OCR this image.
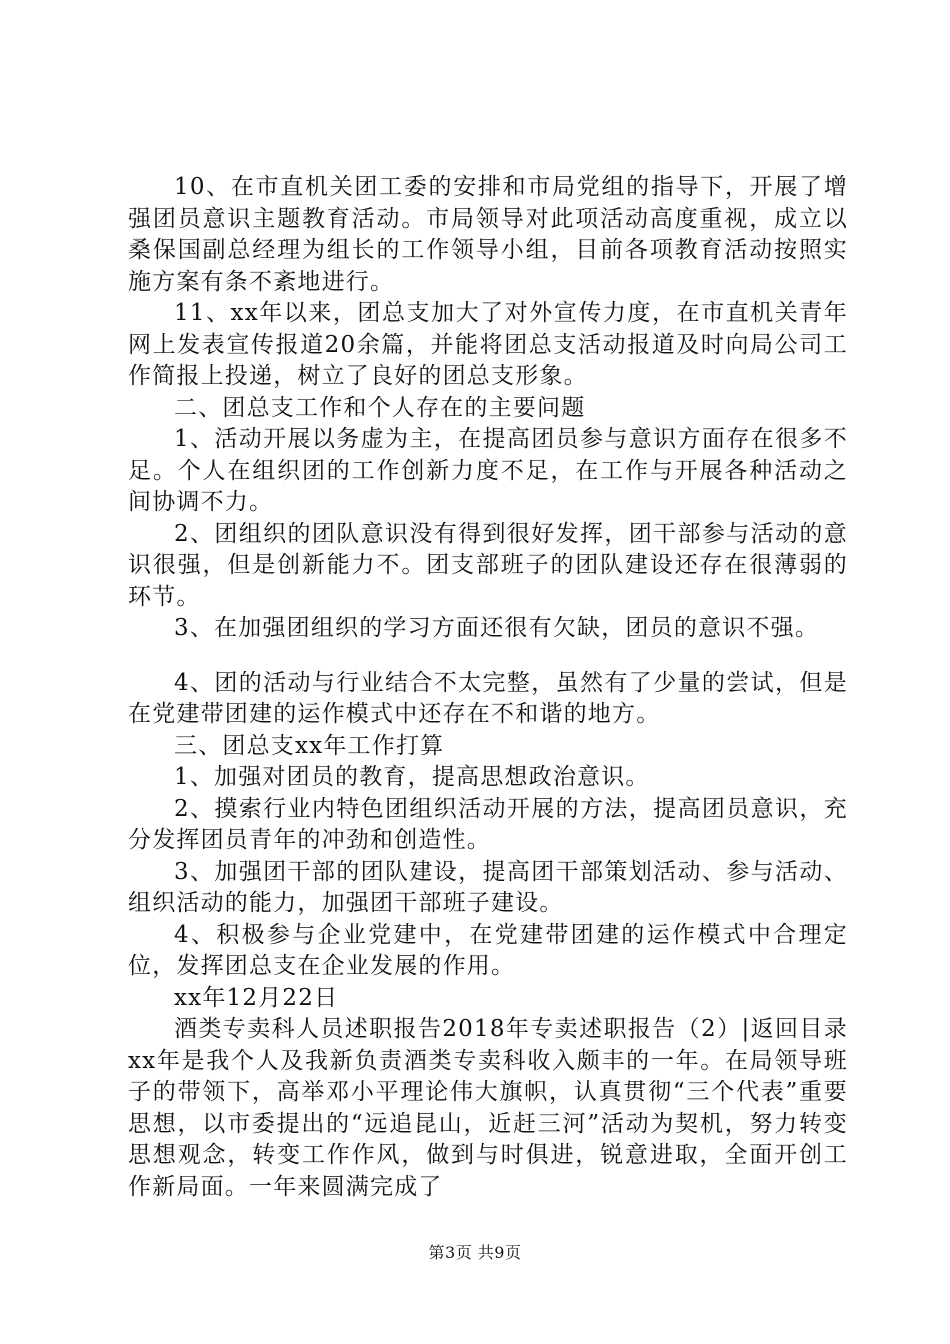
10、在市直机关团工委的安排和市局党组的指导下，开展了增强团员意识主题教育活动。市局领导对此项活动高度重视，成立以桑保国副总经理为组长的工作领导小组，目前各项教育活动按照实施方案有条不紊地进行。

11、xx年以来，团总支加大了对外宣传力度，在市直机关青年网上发表宣传报道20余篇，并能将团总支活动报道及时向局公司工作简报上投递，树立了良好的团总支形象。

二、团总支工作和个人存在的主要问题

1、活动开展以务虚为主，在提高团员参与意识方面存在很多不足。个人在组织团的工作创新力度不足，在工作与开展各种活动之间协调不力。

2、团组织的团队意识没有得到很好发挥，团干部参与活动的意识很强，但是创新能力不。团支部班子的团队建设还存在很薄弱的环节。

3、在加强团组织的学习方面还很有欠缺，团员的意识不强。

4、团的活动与行业结合不太完整，虽然有了少量的尝试，但是在党建带团建的运作模式中还存在不和谐的地方。

三、团总支xx年工作打算

1、加强对团员的教育，提高思想政治意识。

2、摸索行业内特色团组织活动开展的方法，提高团员意识，充分发挥团员青年的冲劲和创造性。

3、加强团干部的团队建设，提高团干部策划活动、参与活动、组织活动的能力，加强团干部班子建设。

4、积极参与企业党建中，在党建带团建的运作模式中合理定位，发挥团总支在企业发展的作用。

xx年12月22日

酒类专卖科人员述职报告2018年专卖述职报告（2）|返回目录xx年是我个人及我新负责酒类专卖科收入颇丰的一年。在局领导班子的带领下，高举邓小平理论伟大旗帜，认真贯彻“三个代表”重要思想，以市委提出的“远追昆山，近赶三河”活动为契机，努力转变思想观念，转变工作作风，做到与时俱进，锐意进取，全面开创工作新局面。一年来圆满完成了

第3页 共9页
